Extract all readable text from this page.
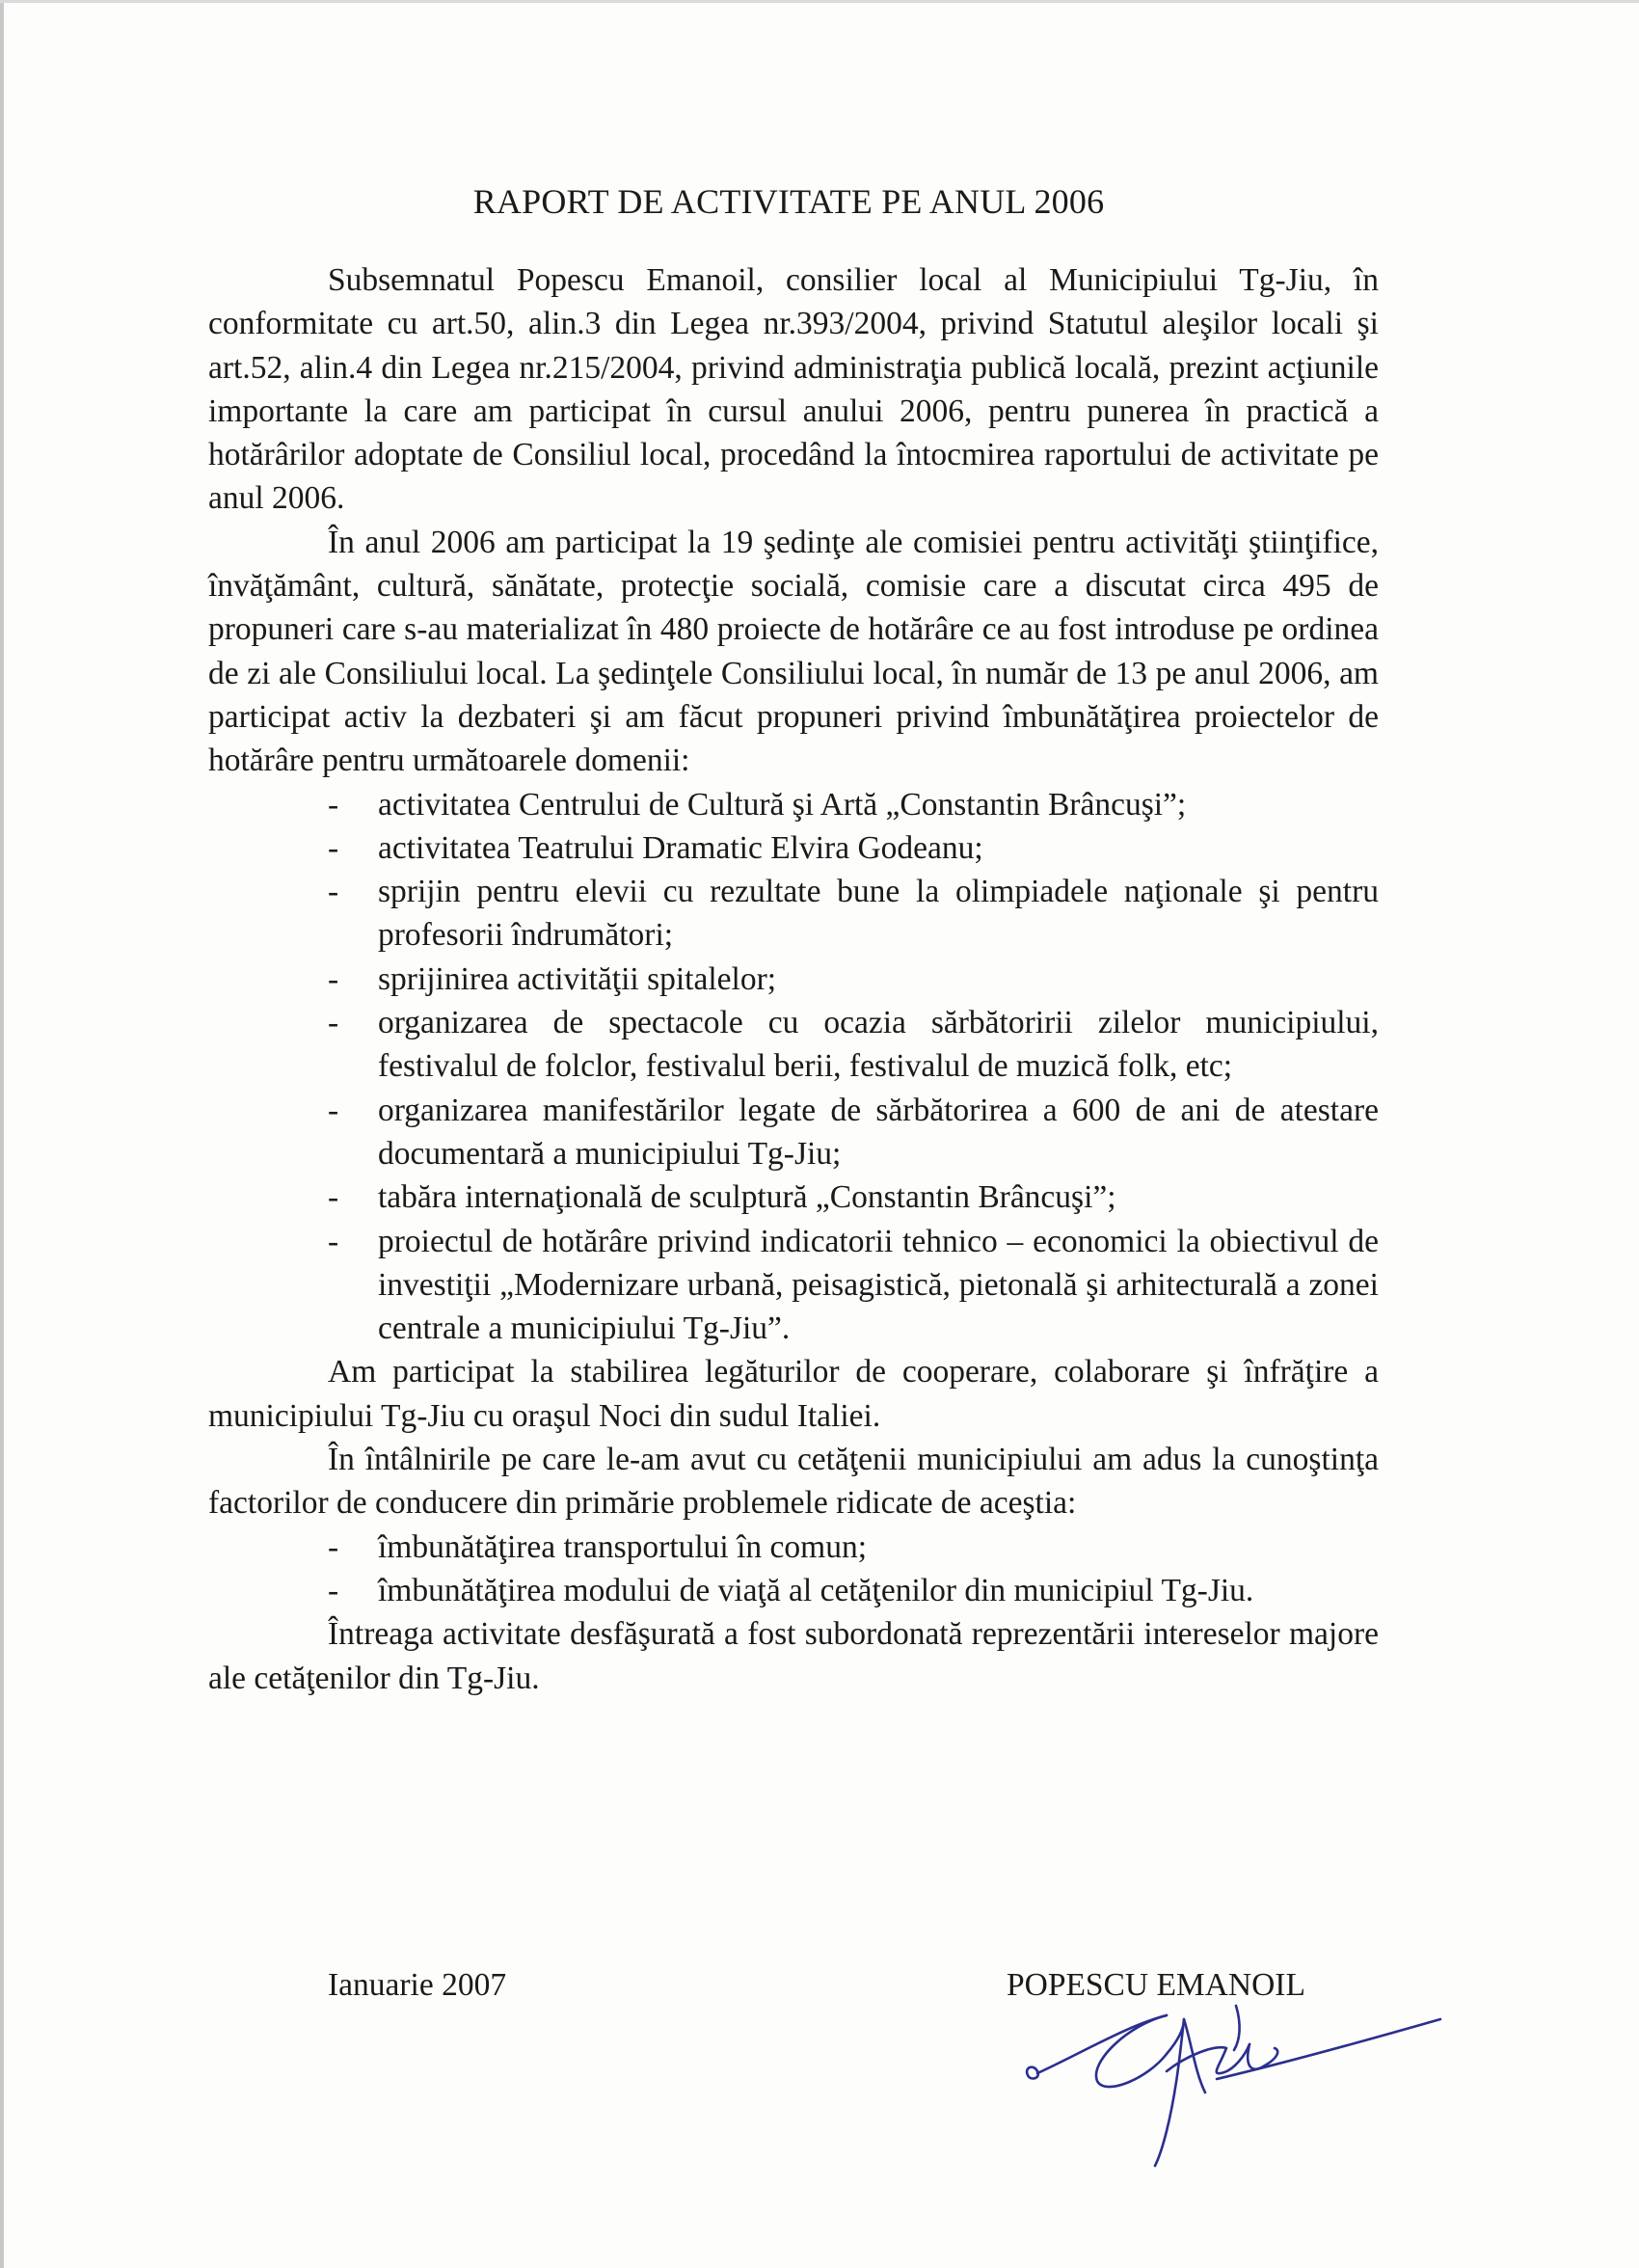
RAPORT DE ACTIVITATE PE ANUL 2006

Subsemnatul Popescu Emanoil, consilier local al Municipiului Tg-Jiu, în conformitate cu art.50, alin.3 din Legea nr.393/2004, privind Statutul aleşilor locali şi art.52, alin.4 din Legea nr.215/2004, privind administraţia publică locală, prezint acţiunile importante la care am participat în cursul anului 2006, pentru punerea în practică a hotărârilor adoptate de Consiliul local, procedând la întocmirea raportului de activitate pe anul 2006.

În anul 2006 am participat la 19 şedinţe ale comisiei pentru activităţi ştiinţifice, învăţământ, cultură, sănătate, protecţie socială, comisie care a discutat circa 495 de propuneri care s-au materializat în 480 proiecte de hotărâre ce au fost introduse pe ordinea de zi ale Consiliului local. La şedinţele Consiliului local, în număr de 13 pe anul 2006, am participat activ la dezbateri şi am făcut propuneri privind îmbunătăţirea proiectelor de hotărâre pentru următoarele domenii:

- activitatea Centrului de Cultură şi Artă „Constantin Brâncuşi”;
- activitatea Teatrului Dramatic Elvira Godeanu;
- sprijin pentru elevii cu rezultate bune la olimpiadele naţionale şi pentru profesorii îndrumători;
- sprijinirea activităţii spitalelor;
- organizarea de spectacole cu ocazia sărbătoririi zilelor municipiului, festivalul de folclor, festivalul berii, festivalul de muzică folk, etc;
- organizarea manifestărilor legate de sărbătorirea a 600 de ani de atestare documentară a municipiului Tg-Jiu;
- tabăra internaţională de sculptură „Constantin Brâncuşi”;
- proiectul de hotărâre privind indicatorii tehnico – economici la obiectivul de investiţii „Modernizare urbană, peisagistică, pietonală şi arhitecturală a zonei centrale a municipiului Tg-Jiu”.

Am participat la stabilirea legăturilor de cooperare, colaborare şi înfrăţire a municipiului Tg-Jiu cu oraşul Noci din sudul Italiei.

În întâlnirile pe care le-am avut cu cetăţenii municipiului am adus la cunoştinţa factorilor de conducere din primărie problemele ridicate de aceştia:

- îmbunătăţirea transportului în comun;
- îmbunătăţirea modului de viaţă al cetăţenilor din municipiul Tg-Jiu.

Întreaga activitate desfăşurată a fost subordonată reprezentării intereselor majore ale cetăţenilor din Tg-Jiu.

Ianuarie 2007	POPESCU EMANOIL
